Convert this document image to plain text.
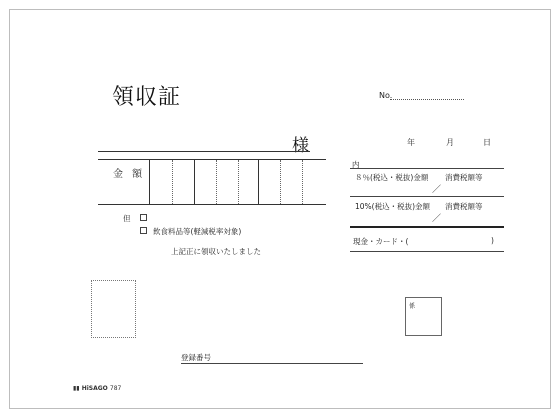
領収証	No.
様	年	月	日
金 額
内
８％(税込・税抜)金額 消費税額等
／
10%(税込・税抜)金額 消費税額等
／
現金・カード・(	)
但
飲食料品等(軽減税率対象)
上記正に領収いたしました
係
登録番号
▮▮ HiSAGO 787
